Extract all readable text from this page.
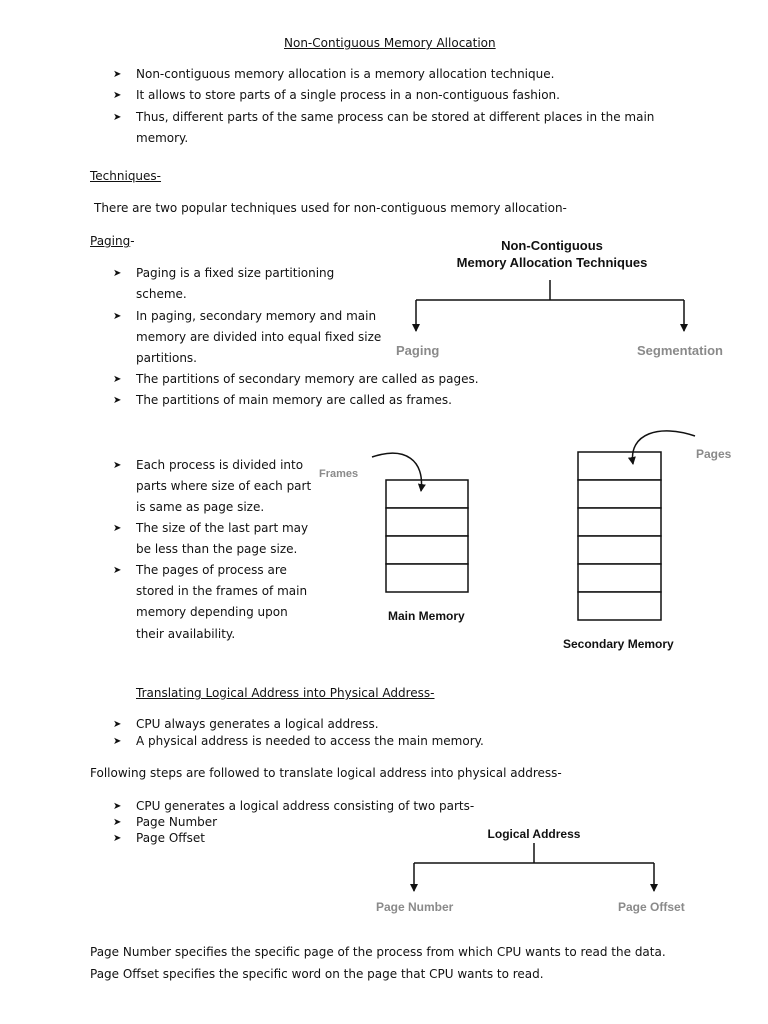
Non-Contiguous Memory Allocation
➤ Non-contiguous memory allocation is a memory allocation technique.
➤ It allows to store parts of a single process in a non-contiguous fashion.
➤ Thus, different parts of the same process can be stored at different places in the main
memory.
Techniques-
There are two popular techniques used for non-contiguous memory allocation-
Paging-
➤ Paging is a fixed size partitioning
scheme.
➤ In paging, secondary memory and main
memory are divided into equal fixed size
partitions.
➤ The partitions of secondary memory are called as pages.
➤ The partitions of main memory are called as frames.
➤ Each process is divided into
parts where size of each part
is same as page size.
➤ The size of the last part may
be less than the page size.
➤ The pages of process are
stored in the frames of main
memory depending upon
their availability.
Translating Logical Address into Physical Address-
➤ CPU always generates a logical address.
➤ A physical address is needed to access the main memory.
Following steps are followed to translate logical address into physical address-
➤ CPU generates a logical address consisting of two parts-
➤ Page Number
➤ Page Offset
Page Number specifies the specific page of the process from which CPU wants to read the data.
Page Offset specifies the specific word on the page that CPU wants to read.
Non-Contiguous
Memory Allocation Techniques
Paging	Segmentation
Frames
Main Memory
Pages
Secondary Memory
Logical Address
Page Number	Page Offset
